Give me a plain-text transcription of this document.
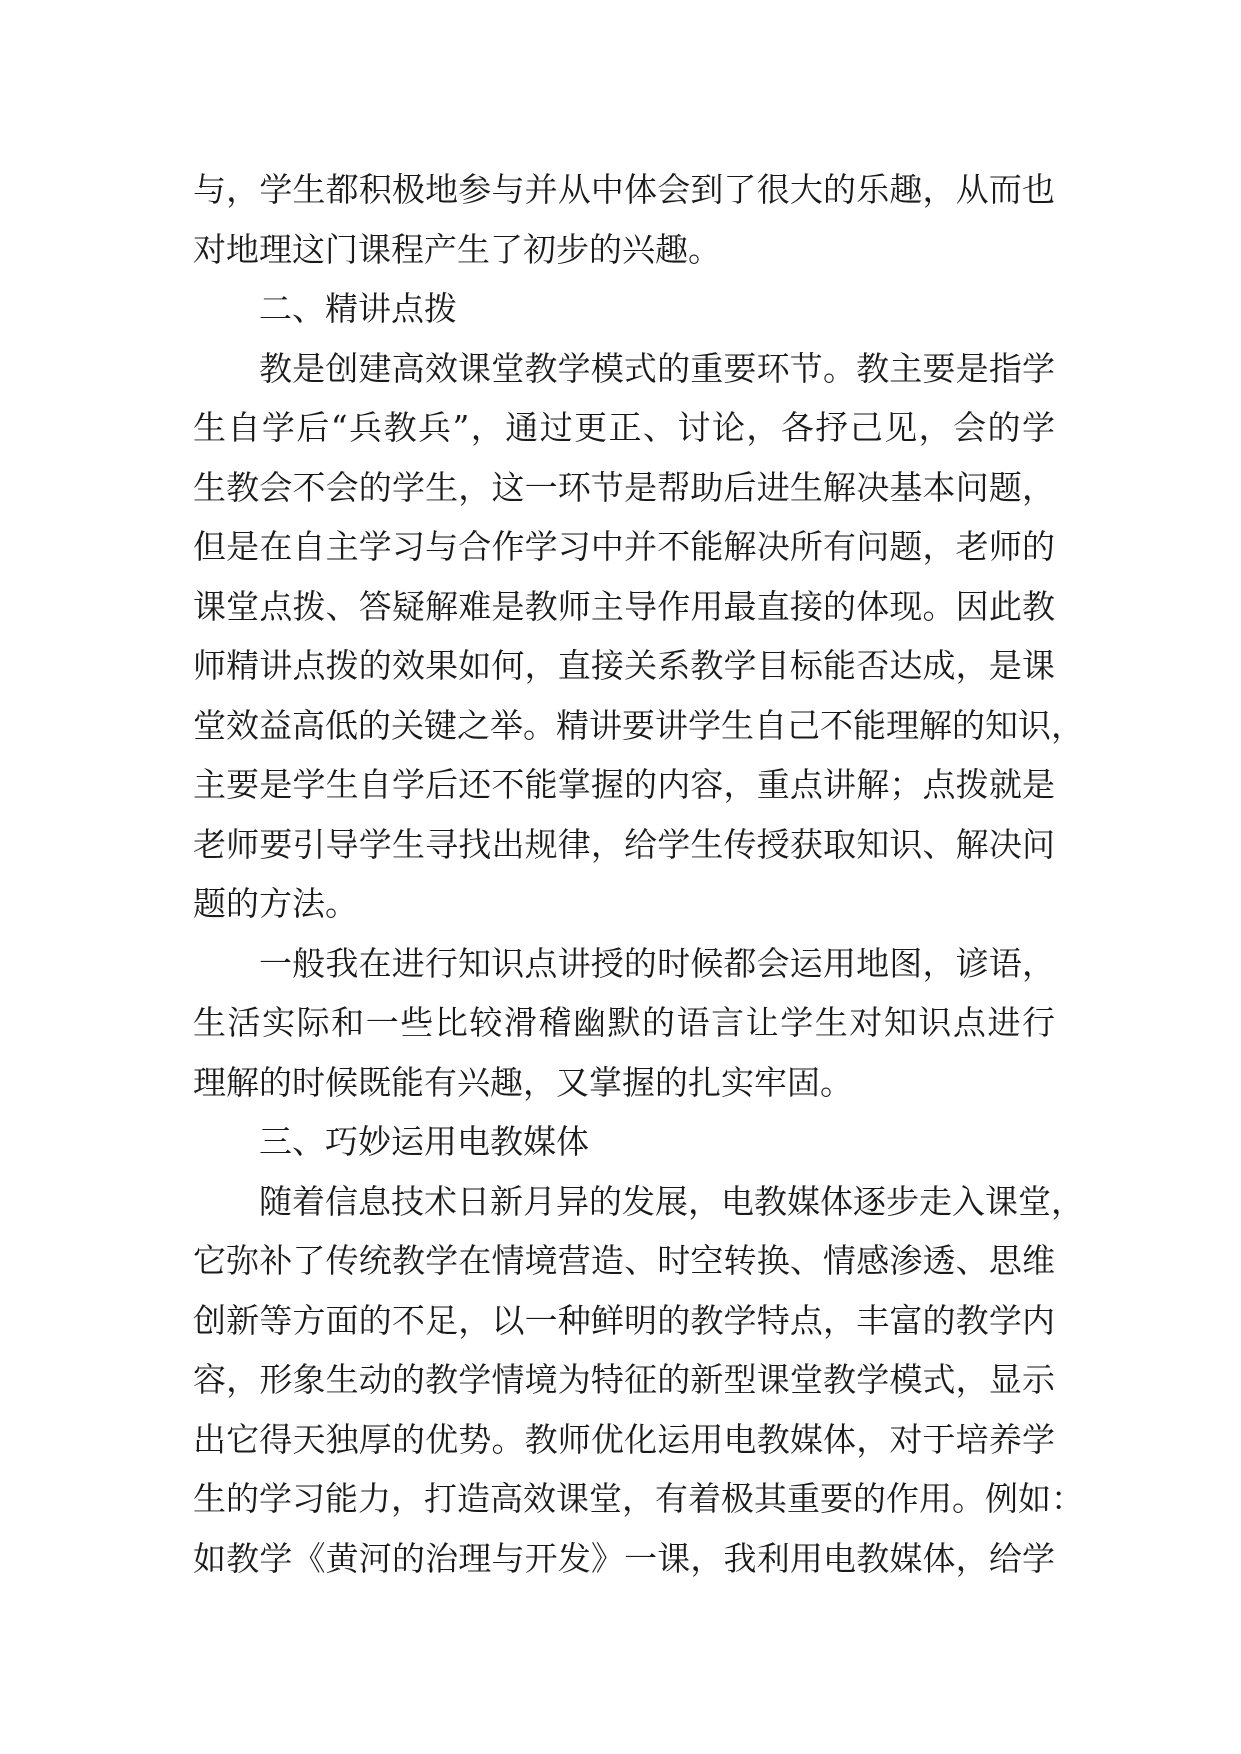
与，学生都积极地参与并从中体会到了很大的乐趣，从而也
对地理这门课程产生了初步的兴趣。
二、精讲点拨
教是创建高效课堂教学模式的重要环节。教主要是指学
生自学后“兵教兵”，通过更正、讨论，各抒己见，会的学
生教会不会的学生，这一环节是帮助后进生解决基本问题，
但是在自主学习与合作学习中并不能解决所有问题，老师的
课堂点拨、答疑解难是教师主导作用最直接的体现。因此教
师精讲点拨的效果如何，直接关系教学目标能否达成，是课
堂效益高低的关键之举。精讲要讲学生自己不能理解的知识，
主要是学生自学后还不能掌握的内容，重点讲解；点拨就是
老师要引导学生寻找出规律，给学生传授获取知识、解决问
题的方法。
一般我在进行知识点讲授的时候都会运用地图，谚语，
生活实际和一些比较滑稽幽默的语言让学生对知识点进行
理解的时候既能有兴趣，又掌握的扎实牢固。
三、巧妙运用电教媒体
随着信息技术日新月异的发展，电教媒体逐步走入课堂，
它弥补了传统教学在情境营造、时空转换、情感渗透、思维
创新等方面的不足，以一种鲜明的教学特点，丰富的教学内
容，形象生动的教学情境为特征的新型课堂教学模式，显示
出它得天独厚的优势。教师优化运用电教媒体，对于培养学
生的学习能力，打造高效课堂，有着极其重要的作用。例如：
如教学《黄河的治理与开发》一课，我利用电教媒体，给学
